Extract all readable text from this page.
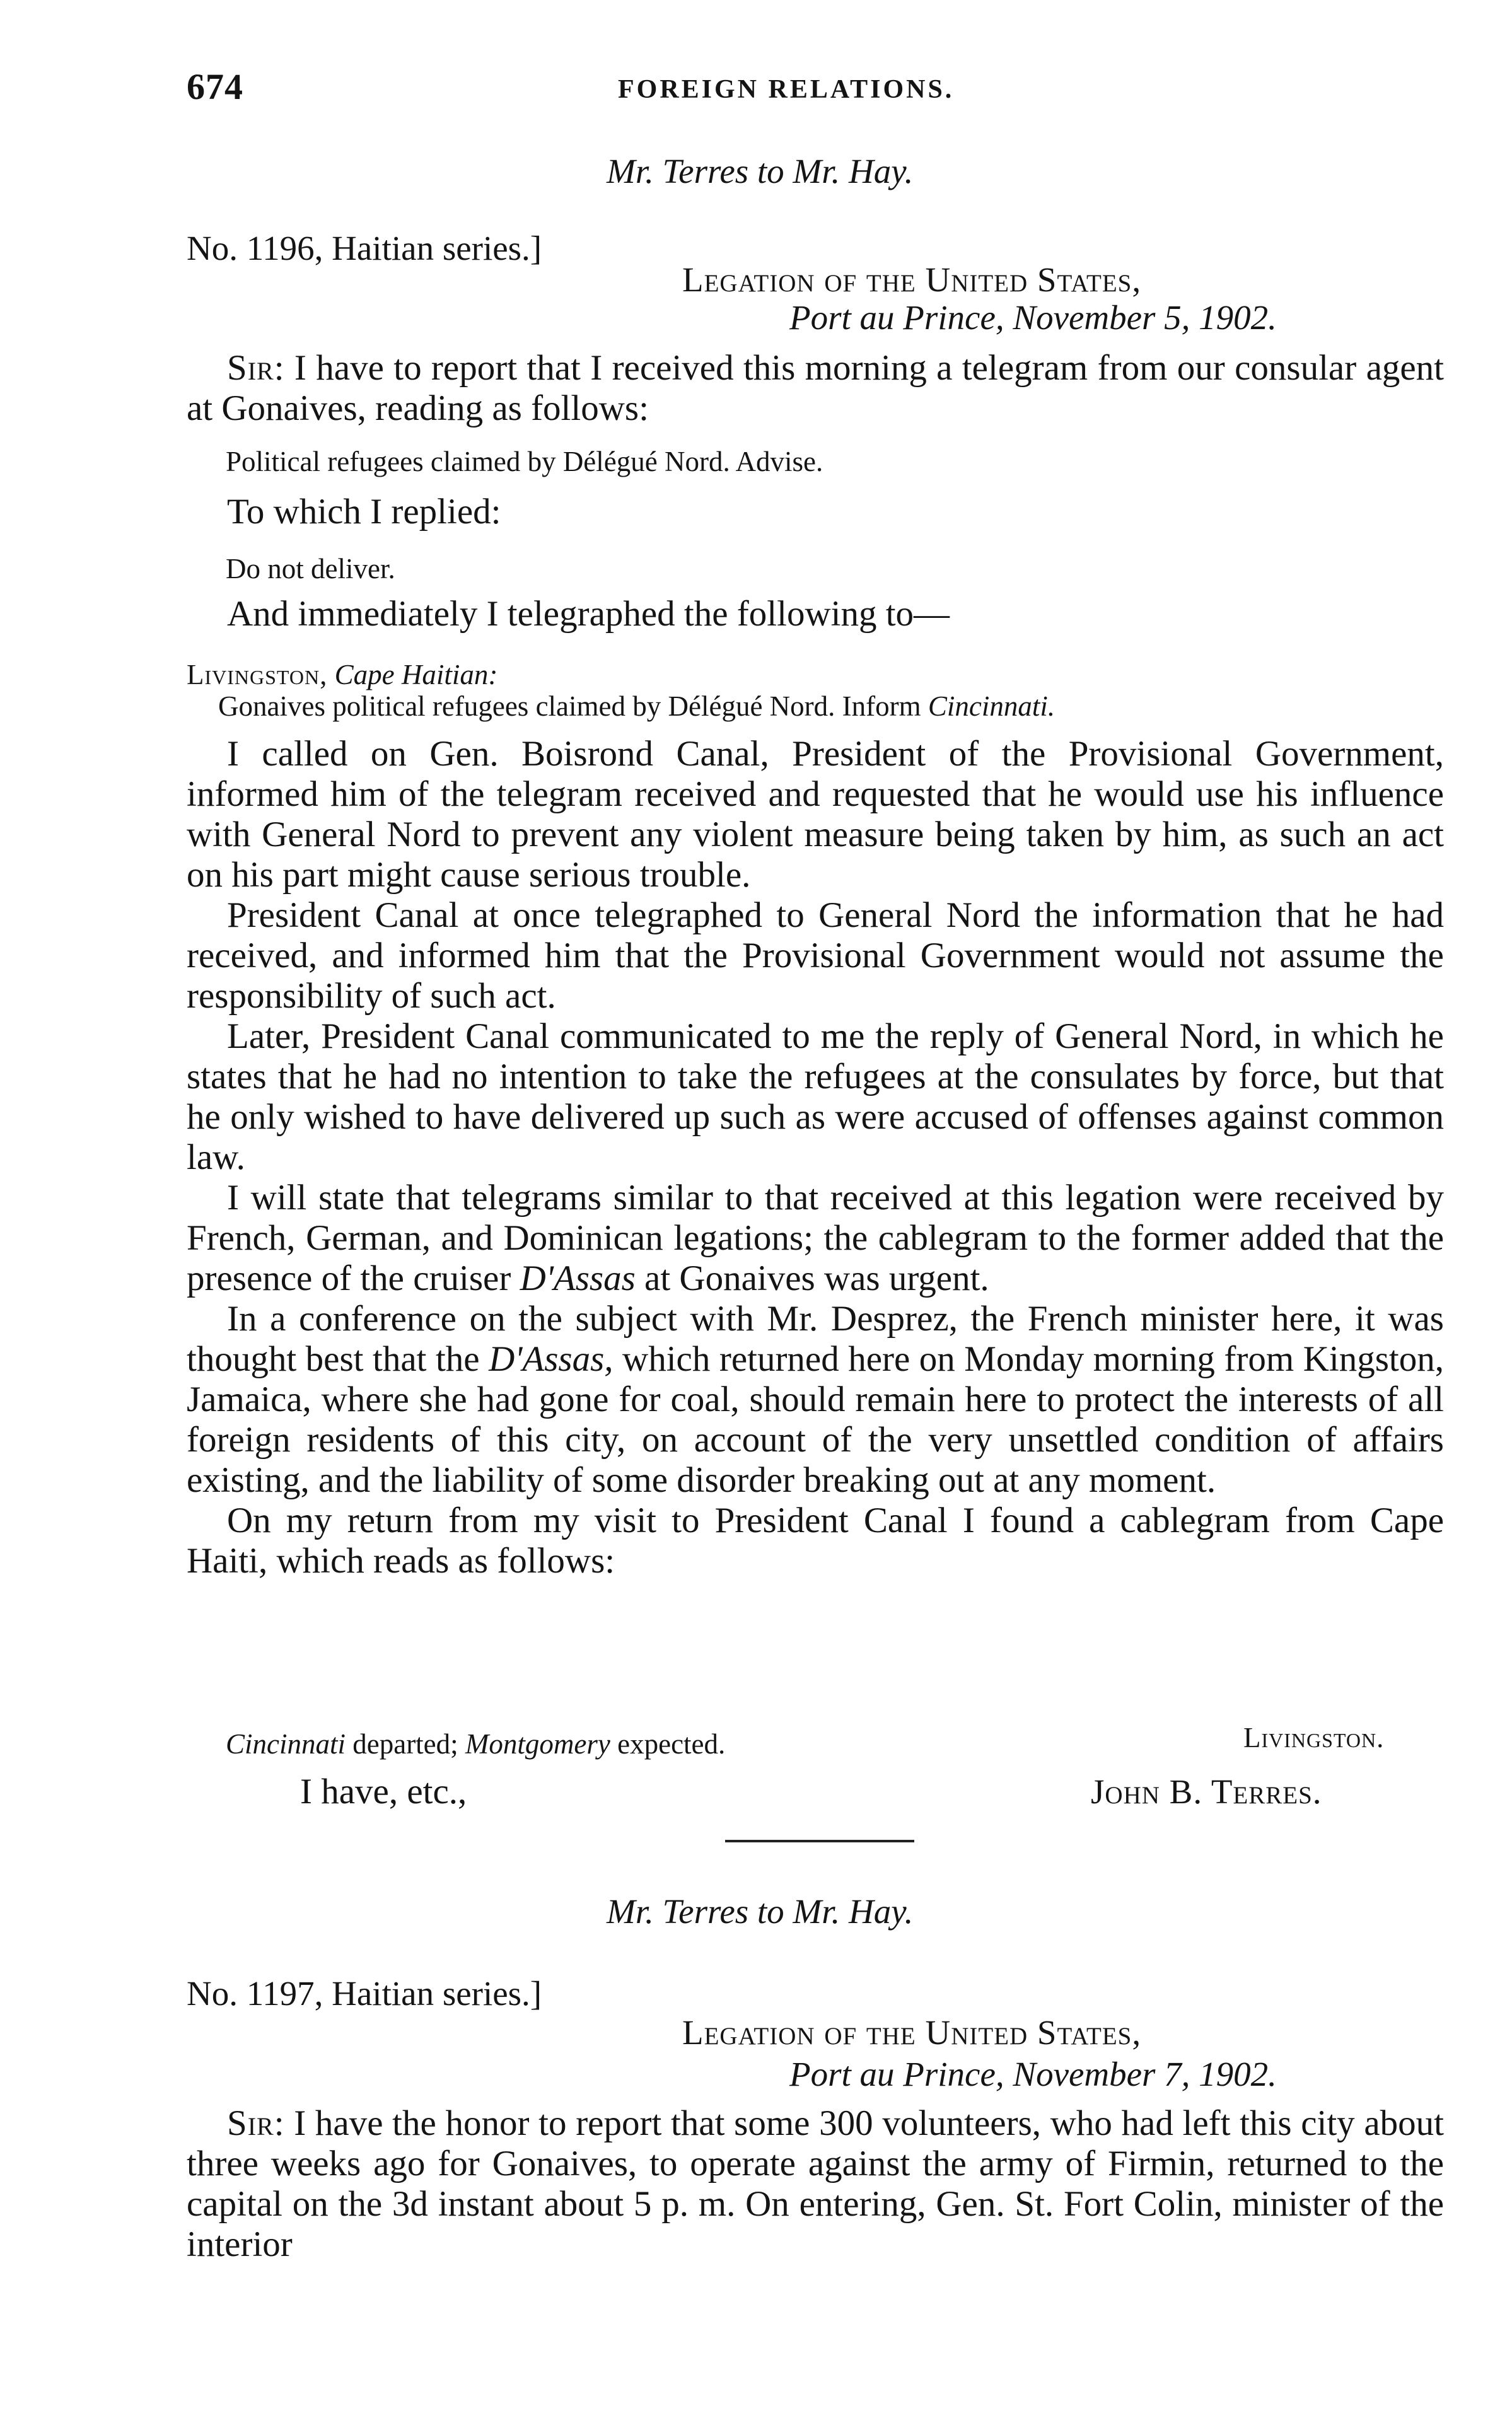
674	FOREIGN RELATIONS.
Mr. Terres to Mr. Hay.
No. 1196, Haitian series.]
Legation of the United States,
Port au Prince, November 5, 1902.

Sir: I have to report that I received this morning a telegram from our consular agent at Gonaives, reading as follows:

Political refugees claimed by Délégué Nord. Advise.
To which I replied:
Do not deliver.
And immediately I telegraphed the following to—
Livingston, Cape Haitian:
Gonaives political refugees claimed by Délégué Nord. Inform Cincinnati.

I called on Gen. Boisrond Canal, President of the Provisional Government, informed him of the telegram received and requested that he would use his influence with General Nord to prevent any violent measure being taken by him, as such an act on his part might cause serious trouble.

President Canal at once telegraphed to General Nord the information that he had received, and informed him that the Provisional Government would not assume the responsibility of such act.

Later, President Canal communicated to me the reply of General Nord, in which he states that he had no intention to take the refugees at the consulates by force, but that he only wished to have delivered up such as were accused of offenses against common law.

I will state that telegrams similar to that received at this legation were received by French, German, and Dominican legations; the cablegram to the former added that the presence of the cruiser D'Assas at Gonaives was urgent.

In a conference on the subject with Mr. Desprez, the French minister here, it was thought best that the D'Assas, which returned here on Monday morning from Kingston, Jamaica, where she had gone for coal, should remain here to protect the interests of all foreign residents of this city, on account of the very unsettled condition of affairs existing, and the liability of some disorder breaking out at any moment.

On my return from my visit to President Canal I found a cablegram from Cape Haiti, which reads as follows:

Cincinnati departed; Montgomery expected.	Livingston.
I have, etc.,	John B. Terres.
Mr. Terres to Mr. Hay.
No. 1197, Haitian series.]
Legation of the United States,
Port au Prince, November 7, 1902.

Sir: I have the honor to report that some 300 volunteers, who had left this city about three weeks ago for Gonaives, to operate against the army of Firmin, returned to the capital on the 3d instant about 5 p. m. On entering, Gen. St. Fort Colin, minister of the interior
